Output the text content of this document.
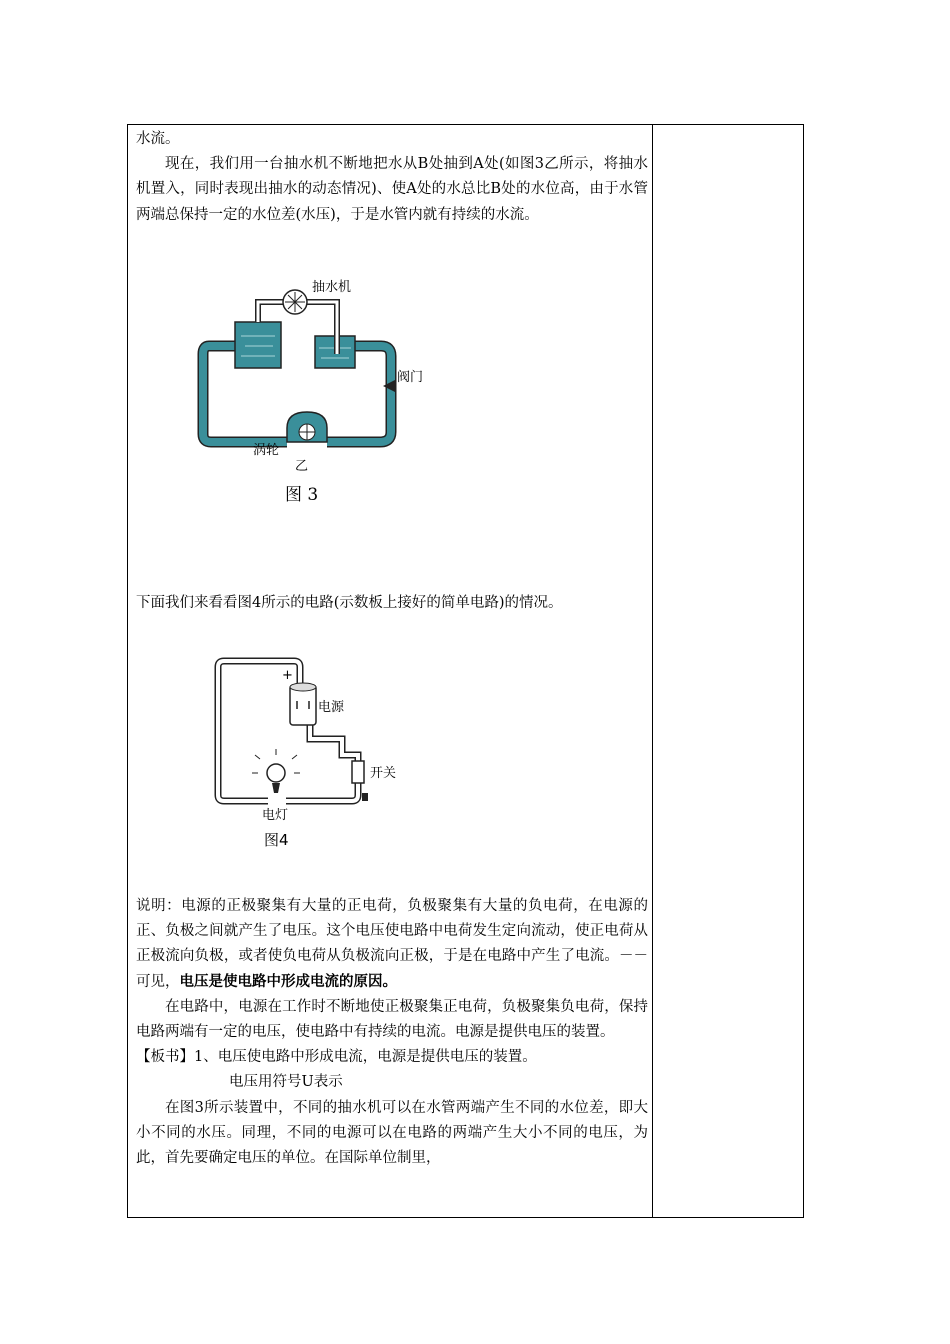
水流。

现在，我们用一台抽水机不断地把水从B处抽到A处(如图3乙所示，将抽水机置入，同时表现出抽水的动态情况)、使A处的水总比B处的水位高，由于水管两端总保持一定的水位差(水压)，于是水管内就有持续的水流。

抽水机
阀门
涡轮
乙
图 3

下面我们来看看图4所示的电路(示数板上接好的简单电路)的情况。

+
电源
开关
电灯
图4

说明：电源的正极聚集有大量的正电荷，负极聚集有大量的负电荷，在电源的正、负极之间就产生了电压。这个电压使电路中电荷发生定向流动，使正电荷从正极流向负极，或者使负电荷从负极流向正极，于是在电路中产生了电流。－－可见，电压是使电路中形成电流的原因。

在电路中，电源在工作时不断地使正极聚集正电荷，负极聚集负电荷，保持电路两端有一定的电压，使电路中有持续的电流。电源是提供电压的装置。

【板书】1、电压使电路中形成电流，电源是提供电压的装置。

电压用符号U表示

在图3所示装置中，不同的抽水机可以在水管两端产生不同的水位差，即大小不同的水压。同理，不同的电源可以在电路的两端产生大小不同的电压，为此，首先要确定电压的单位。在国际单位制里，
